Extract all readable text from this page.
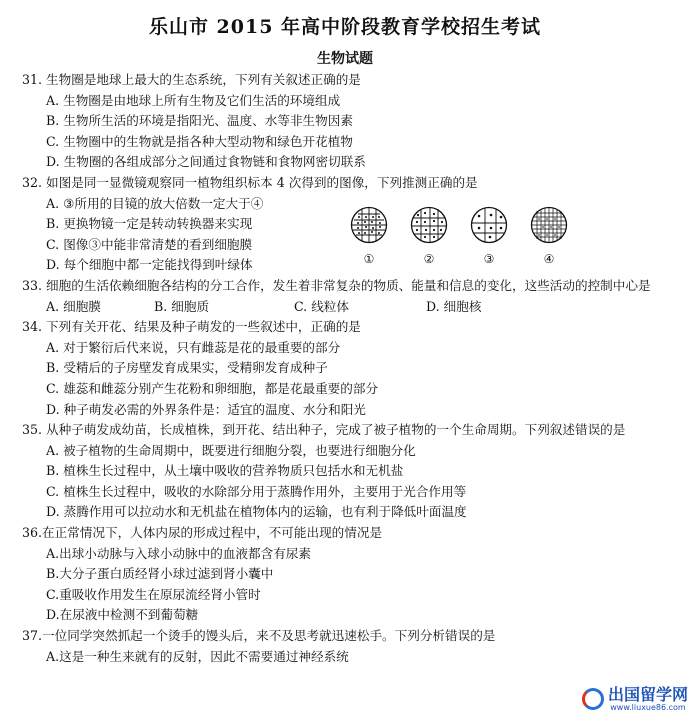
乐山市 2015 年高中阶段教育学校招生考试
生物试题
31. 生物圈是地球上最大的生态系统，下列有关叙述正确的是
A. 生物圈是由地球上所有生物及它们生活的环境组成
B. 生物所生活的环境是指阳光、温度、水等非生物因素
C. 生物圈中的生物就是指各种大型动物和绿色开花植物
D. 生物圈的各组成部分之间通过食物链和食物网密切联系
32. 如图是同一显微镜观察同一植物组织标本 4 次得到的图像，下列推测正确的是
A. ③所用的目镜的放大倍数一定大于④
B. 更换物镜一定是转动转换器来实现
C. 图像③中能非常清楚的看到细胞膜
D. 每个细胞中都一定能找得到叶绿体
33. 细胞的生活依赖细胞各结构的分工合作，发生着非常复杂的物质、能量和信息的变化，这些活动的控制中心是
A. 细胞膜	B. 细胞质	C. 线粒体	D. 细胞核
34. 下列有关开花、结果及种子萌发的一些叙述中，正确的是
A. 对于繁衍后代来说，只有雌蕊是花的最重要的部分
B. 受精后的子房壁发育成果实，受精卵发育成种子
C. 雄蕊和雌蕊分别产生花粉和卵细胞，都是花最重要的部分
D. 种子萌发必需的外界条件是：适宜的温度、水分和阳光
35. 从种子萌发成幼苗，长成植株，到开花、结出种子，完成了被子植物的一个生命周期。下列叙述错误的是
A. 被子植物的生命周期中，既要进行细胞分裂，也要进行细胞分化
B. 植株生长过程中，从土壤中吸收的营养物质只包括水和无机盐
C. 植株生长过程中，吸收的水除部分用于蒸腾作用外，主要用于光合作用等
D. 蒸腾作用可以拉动水和无机盐在植物体内的运输，也有利于降低叶面温度
36.在正常情况下，人体内尿的形成过程中，不可能出现的情况是
A.出球小动脉与入球小动脉中的血液都含有尿素
B.大分子蛋白质经肾小球过滤到肾小囊中
C.重吸收作用发生在原尿流经肾小管时
D.在尿液中检测不到葡萄糖
37.一位同学突然抓起一个烫手的馒头后，来不及思考就迅速松手。下列分析错误的是
A.这是一种生来就有的反射，因此不需要通过神经系统
①	②	③	④
出国留学网
www.liuxue86.com
